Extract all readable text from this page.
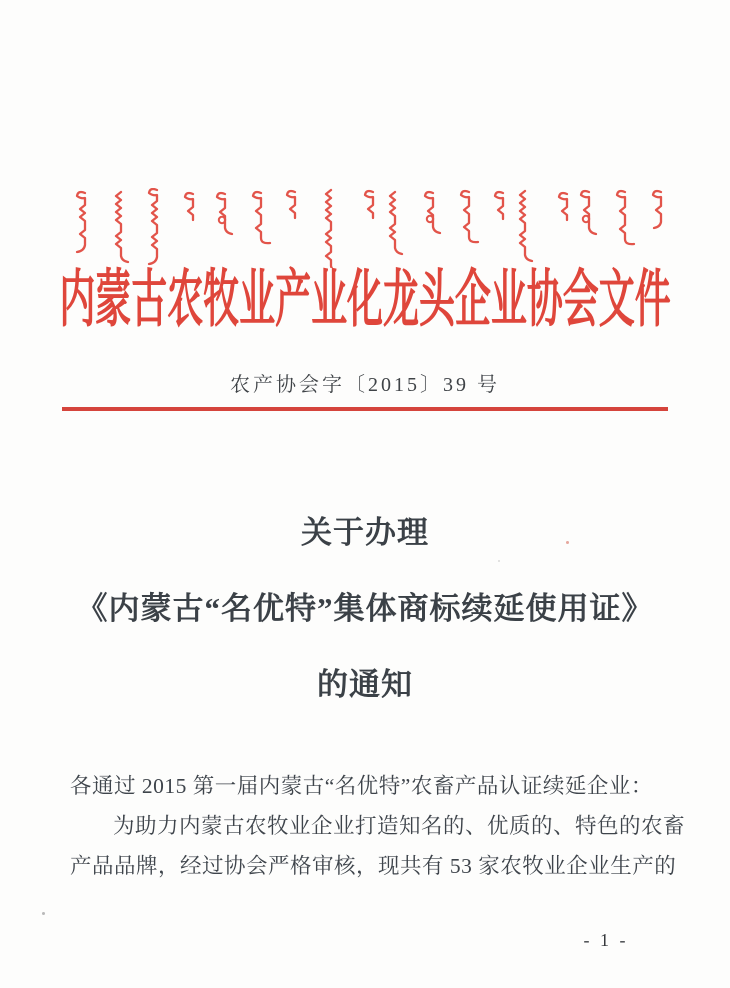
内蒙古农牧业产业化龙头企业协会文件
农产协会字〔2015〕39 号
关于办理
《内蒙古“名优特”集体商标续延使用证》
的通知

各通过 2015 第一届内蒙古“名优特”农畜产品认证续延企业：

为助力内蒙古农牧业企业打造知名的、优质的、特色的农畜

产品品牌，经过协会严格审核，现共有 53 家农牧业企业生产的

- 1 -
